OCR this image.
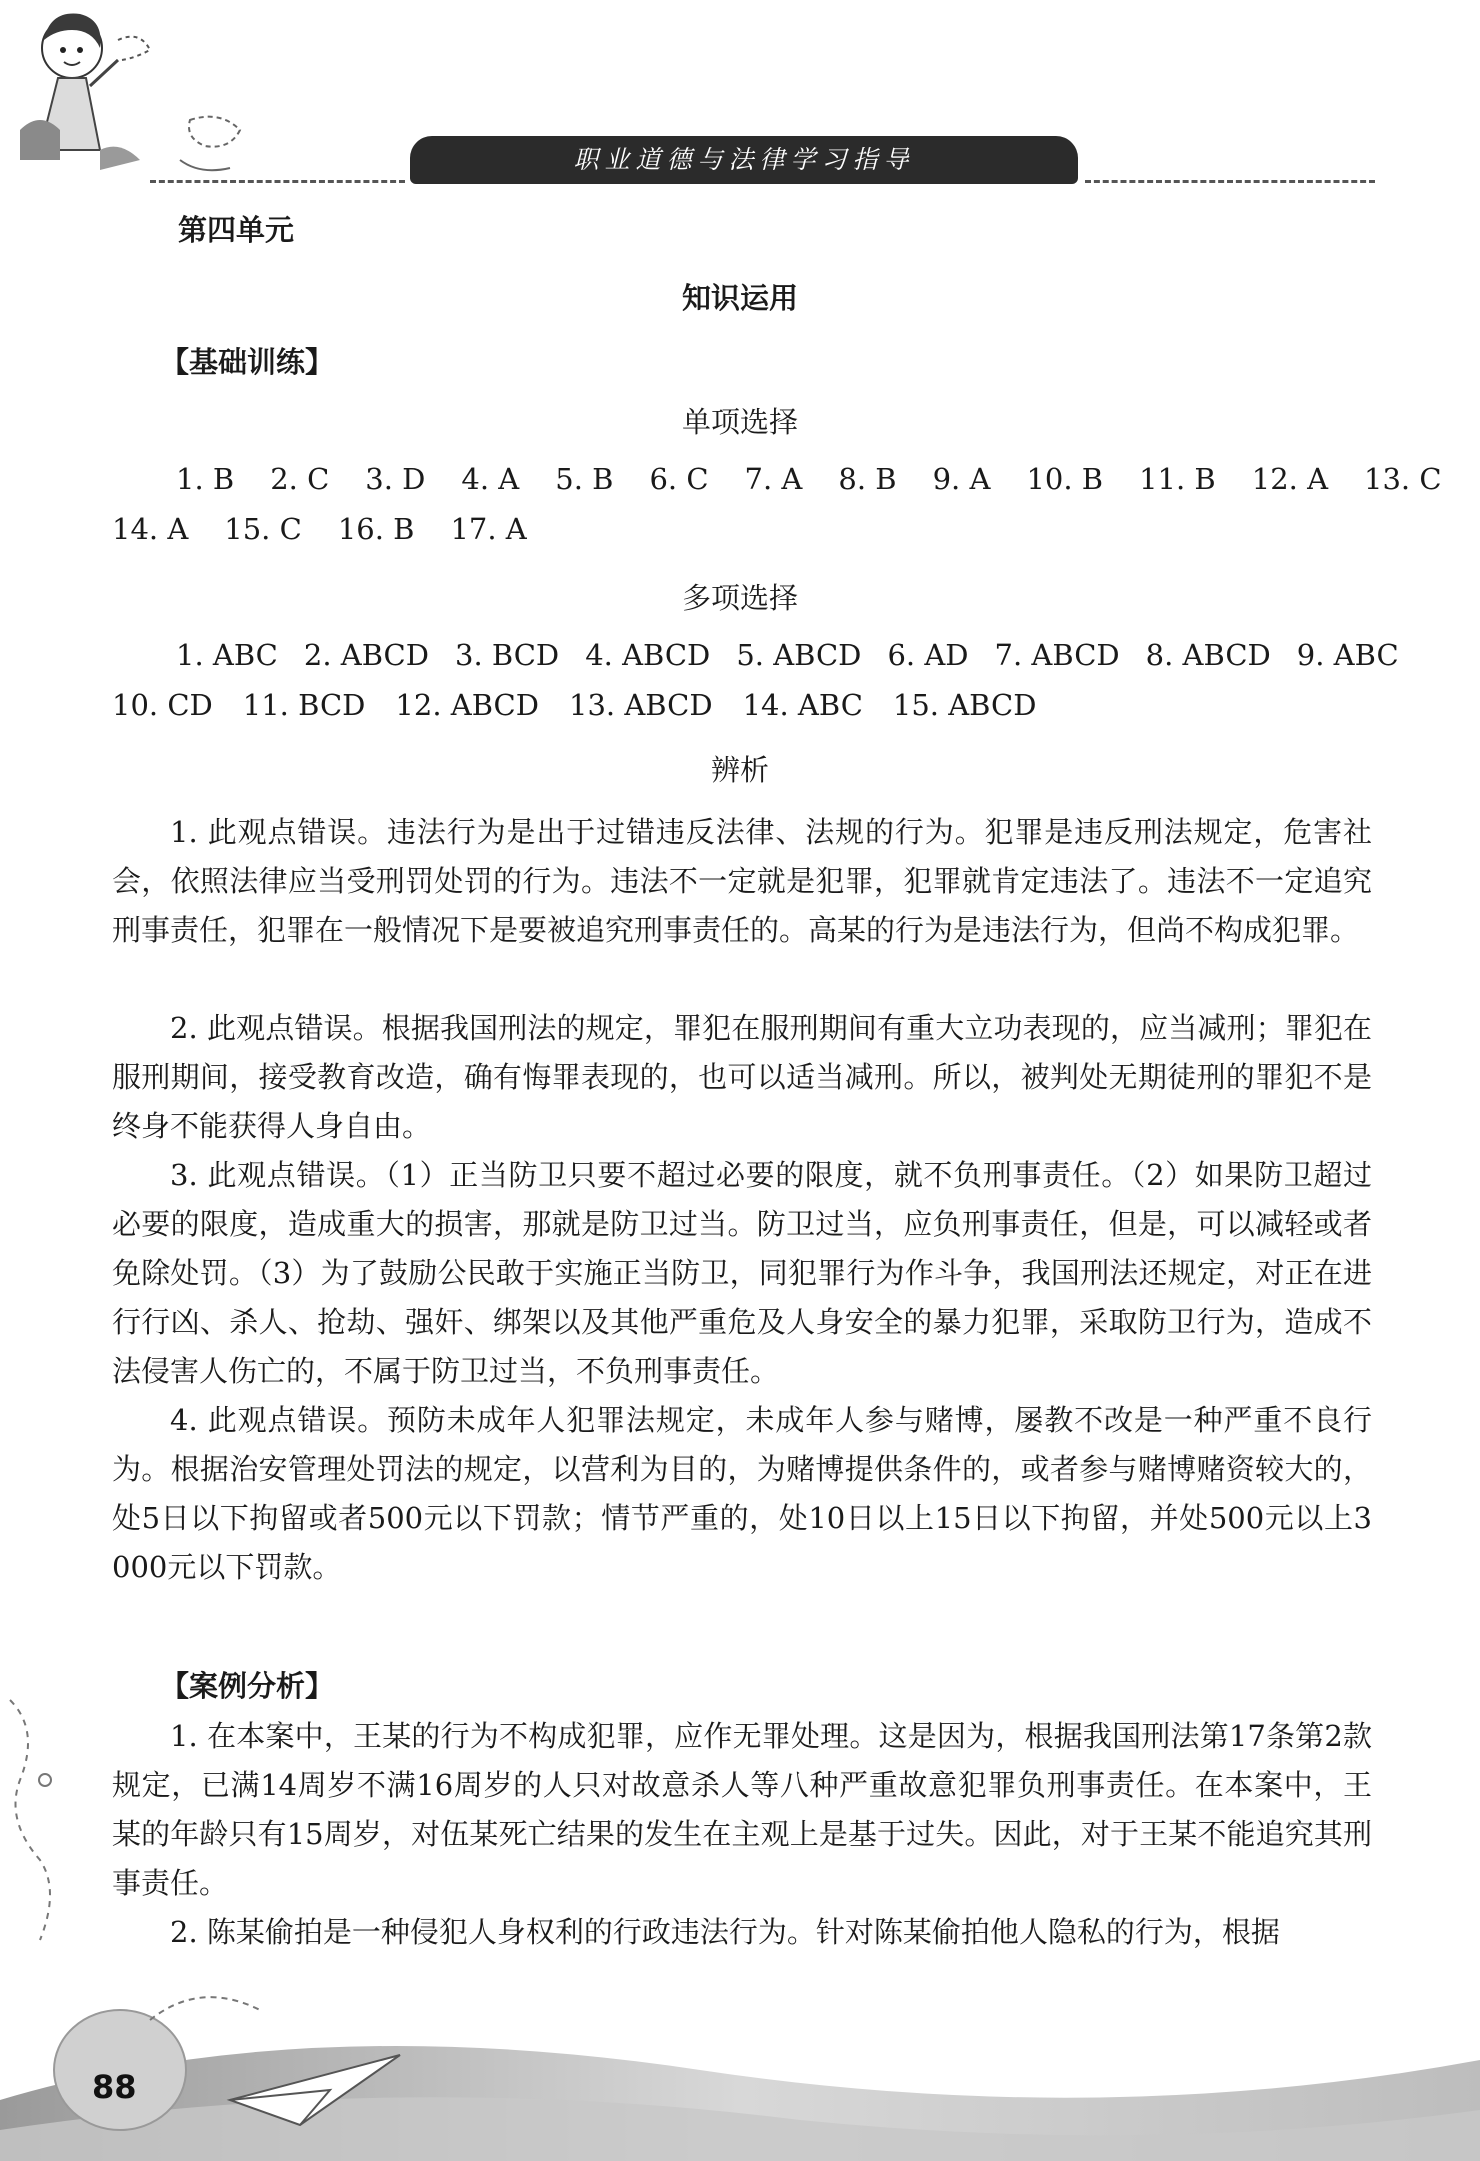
职业道德与法律学习指导
第四单元
知识运用
【基础训练】
单项选择
1. B 2. C 3. D 4. A 5. B 6. C 7. A 8. B 9. A 10. B 11. B 12. A 13. C
14. A 15. C 16. B 17. A
多项选择
1. ABC 2. ABCD 3. BCD 4. ABCD 5. ABCD 6. AD 7. ABCD 8. ABCD 9. ABC
10. CD 11. BCD 12. ABCD 13. ABCD 14. ABC 15. ABCD
辨析
1. 此观点错误。违法行为是出于过错违反法律、法规的行为。犯罪是违反刑法规定，危害社会，依照法律应当受刑罚处罚的行为。违法不一定就是犯罪，犯罪就肯定违法了。违法不一定追究刑事责任，犯罪在一般情况下是要被追究刑事责任的。高某的行为是违法行为，但尚不构成犯罪。
2. 此观点错误。根据我国刑法的规定，罪犯在服刑期间有重大立功表现的，应当减刑；罪犯在服刑期间，接受教育改造，确有悔罪表现的，也可以适当减刑。所以，被判处无期徒刑的罪犯不是终身不能获得人身自由。
3. 此观点错误。（1）正当防卫只要不超过必要的限度，就不负刑事责任。（2）如果防卫超过必要的限度，造成重大的损害，那就是防卫过当。防卫过当，应负刑事责任，但是，可以减轻或者免除处罚。（3）为了鼓励公民敢于实施正当防卫，同犯罪行为作斗争，我国刑法还规定，对正在进行行凶、杀人、抢劫、强奸、绑架以及其他严重危及人身安全的暴力犯罪，采取防卫行为，造成不法侵害人伤亡的，不属于防卫过当，不负刑事责任。
4. 此观点错误。预防未成年人犯罪法规定，未成年人参与赌博，屡教不改是一种严重不良行为。根据治安管理处罚法的规定，以营利为目的，为赌博提供条件的，或者参与赌博赌资较大的，处5日以下拘留或者500元以下罚款；情节严重的，处10日以上15日以下拘留，并处500元以上3 000元以下罚款。
【案例分析】
1. 在本案中，王某的行为不构成犯罪，应作无罪处理。这是因为，根据我国刑法第17条第2款规定，已满14周岁不满16周岁的人只对故意杀人等八种严重故意犯罪负刑事责任。在本案中，王某的年龄只有15周岁，对伍某死亡结果的发生在主观上是基于过失。因此，对于王某不能追究其刑事责任。
2. 陈某偷拍是一种侵犯人身权利的行政违法行为。针对陈某偷拍他人隐私的行为，根据
88
